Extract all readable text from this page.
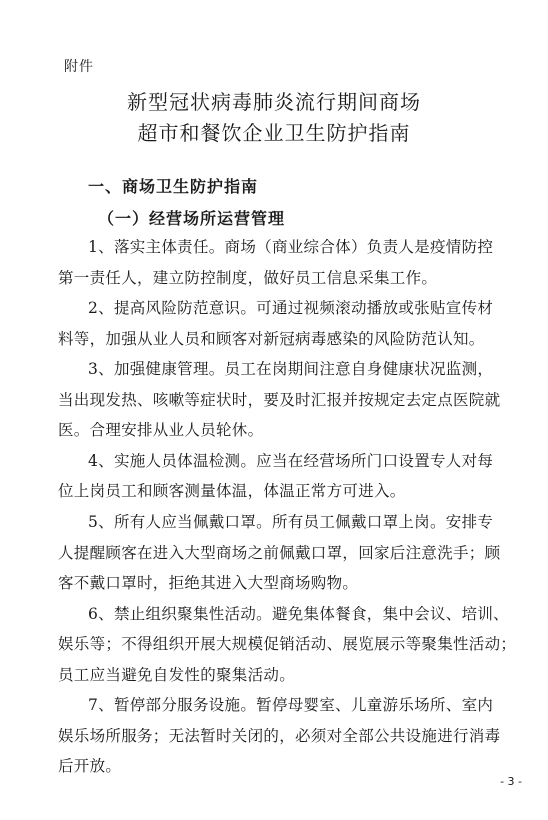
附件
新型冠状病毒肺炎流行期间商场
超市和餐饮企业卫生防护指南
一、商场卫生防护指南
（一）经营场所运营管理
1、落实主体责任。商场（商业综合体）负责人是疫情防控
第一责任人，建立防控制度，做好员工信息采集工作。
2、提高风险防范意识。可通过视频滚动播放或张贴宣传材
料等，加强从业人员和顾客对新冠病毒感染的风险防范认知。
3、加强健康管理。员工在岗期间注意自身健康状况监测，
当出现发热、咳嗽等症状时，要及时汇报并按规定去定点医院就
医。合理安排从业人员轮休。
4、实施人员体温检测。应当在经营场所门口设置专人对每
位上岗员工和顾客测量体温，体温正常方可进入。
5、所有人应当佩戴口罩。所有员工佩戴口罩上岗。安排专
人提醒顾客在进入大型商场之前佩戴口罩，回家后注意洗手；顾
客不戴口罩时，拒绝其进入大型商场购物。
6、禁止组织聚集性活动。避免集体餐食，集中会议、培训、
娱乐等；不得组织开展大规模促销活动、展览展示等聚集性活动；
员工应当避免自发性的聚集活动。
7、暂停部分服务设施。暂停母婴室、儿童游乐场所、室内
娱乐场所服务；无法暂时关闭的，必须对全部公共设施进行消毒
后开放。
- 3 -
